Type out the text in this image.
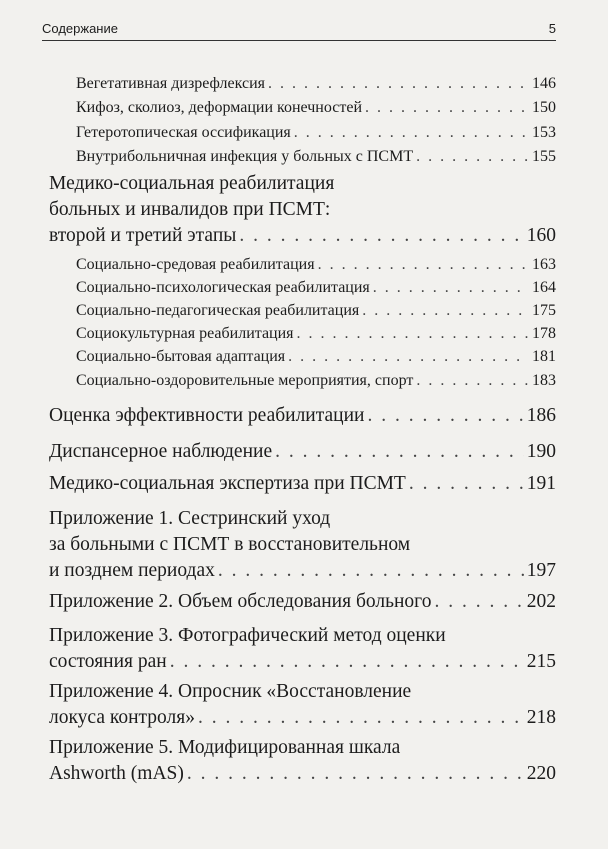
Содержание	5
Вегетативная дизрефлексия . . .	146
Кифоз, сколиоз, деформации конечностей . . .	150
Гетеротопическая оссификация . . .	153
Внутрибольничная инфекция у больных с ПСМТ . . .	155
Медико-социальная реабилитация
больных и инвалидов при ПСМТ:
второй и третий этапы . . .	160
Социально-средовая реабилитация . . .	163
Социально-психологическая реабилитация . . .	164
Социально-педагогическая реабилитация . . .	175
Социокультурная реабилитация . . .	178
Социально-бытовая адаптация . . .	181
Социально-оздоровительные мероприятия, спорт . . .	183
Оценка эффективности реабилитации . . .	186
Диспансерное наблюдение . . .	190
Медико-социальная экспертиза при ПСМТ . . .	191
Приложение 1. Сестринский уход
за больными с ПСМТ в восстановительном
и позднем периодах . . .	197
Приложение 2. Объем обследования больного . . .	202
Приложение 3. Фотографический метод оценки
состояния ран . . .	215
Приложение 4. Опросник «Восстановление
локуса контроля» . . .	218
Приложение 5. Модифицированная шкала
Ashworth (mAS) . . .	220
